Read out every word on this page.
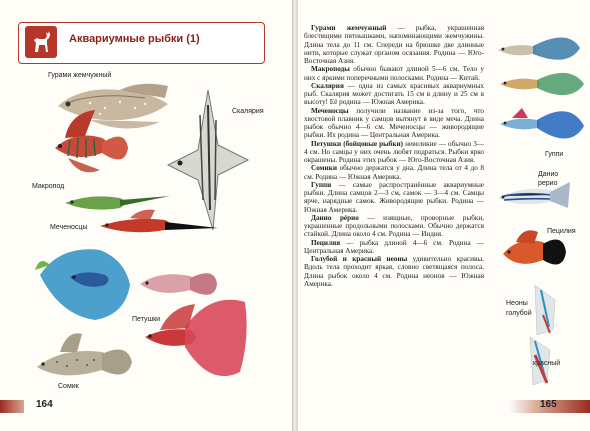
Аквариумные рыбки (1)
Гурами жемчужный
Скалярия
Макропод
Меченосцы
Петушки
Сомик
164

Гурами жемчужный — рыбка, украшенная блестящими пятнышками, напоминающими жемчужины. Длина тела до 11 см. Спереди на брюшке две длинные нити, которые служат органом осязания. Родина — Юго-Восточная Азия.

Макроподы обычно бывают длиной 5—6 см. Тело у них с яркими поперечными полосками. Родина — Китай.

Скалярия — одна из самых красивых аквариумных рыб. Скалярия может достигать 15 см в длину и 25 см в высоту! Её родина — Южная Америка.

Меченосцы получили название из-за того, что хвостовой плавник у самцов вытянут в виде меча. Длина рыбок обычно 4—6 см. Меченосцы — живородящие рыбки. Их родина — Центральная Америка.

Петушки (бойцовые рыбки) невеликие — обычно 3—4 см. Но самцы у них очень любят подраться. Рыбки ярко окрашены. Родина этих рыбок — Юго-Восточная Азия.

Сомики обычно держатся у дна. Длина тела от 4 до 8 см. Родина — Южная Америка.

Гуппи — самые распространённые аквариумные рыбки. Длина самцов 2—3 см, самок — 3—4 см. Самцы ярче, нарядные самок. Живородящие рыбки. Родина — Южная Америка.

Данио рéрио — изящные, проворные рыбки, украшенные продольными полосками. Обычно держатся стайкой. Длина около 4 см. Родина — Индия.

Пецилия — рыбка длиной 4—6 см. Родина — Центральная Америка.

Голубой и красный неоны удивительно красивы. Вдоль тела проходит яркая, словно светящаяся полоса. Длина рыбок около 4 см. Родина неонов — Южная Америка.

Гуппи
Данио рерио
Пецилия
Неоны
голубой
красный
165
